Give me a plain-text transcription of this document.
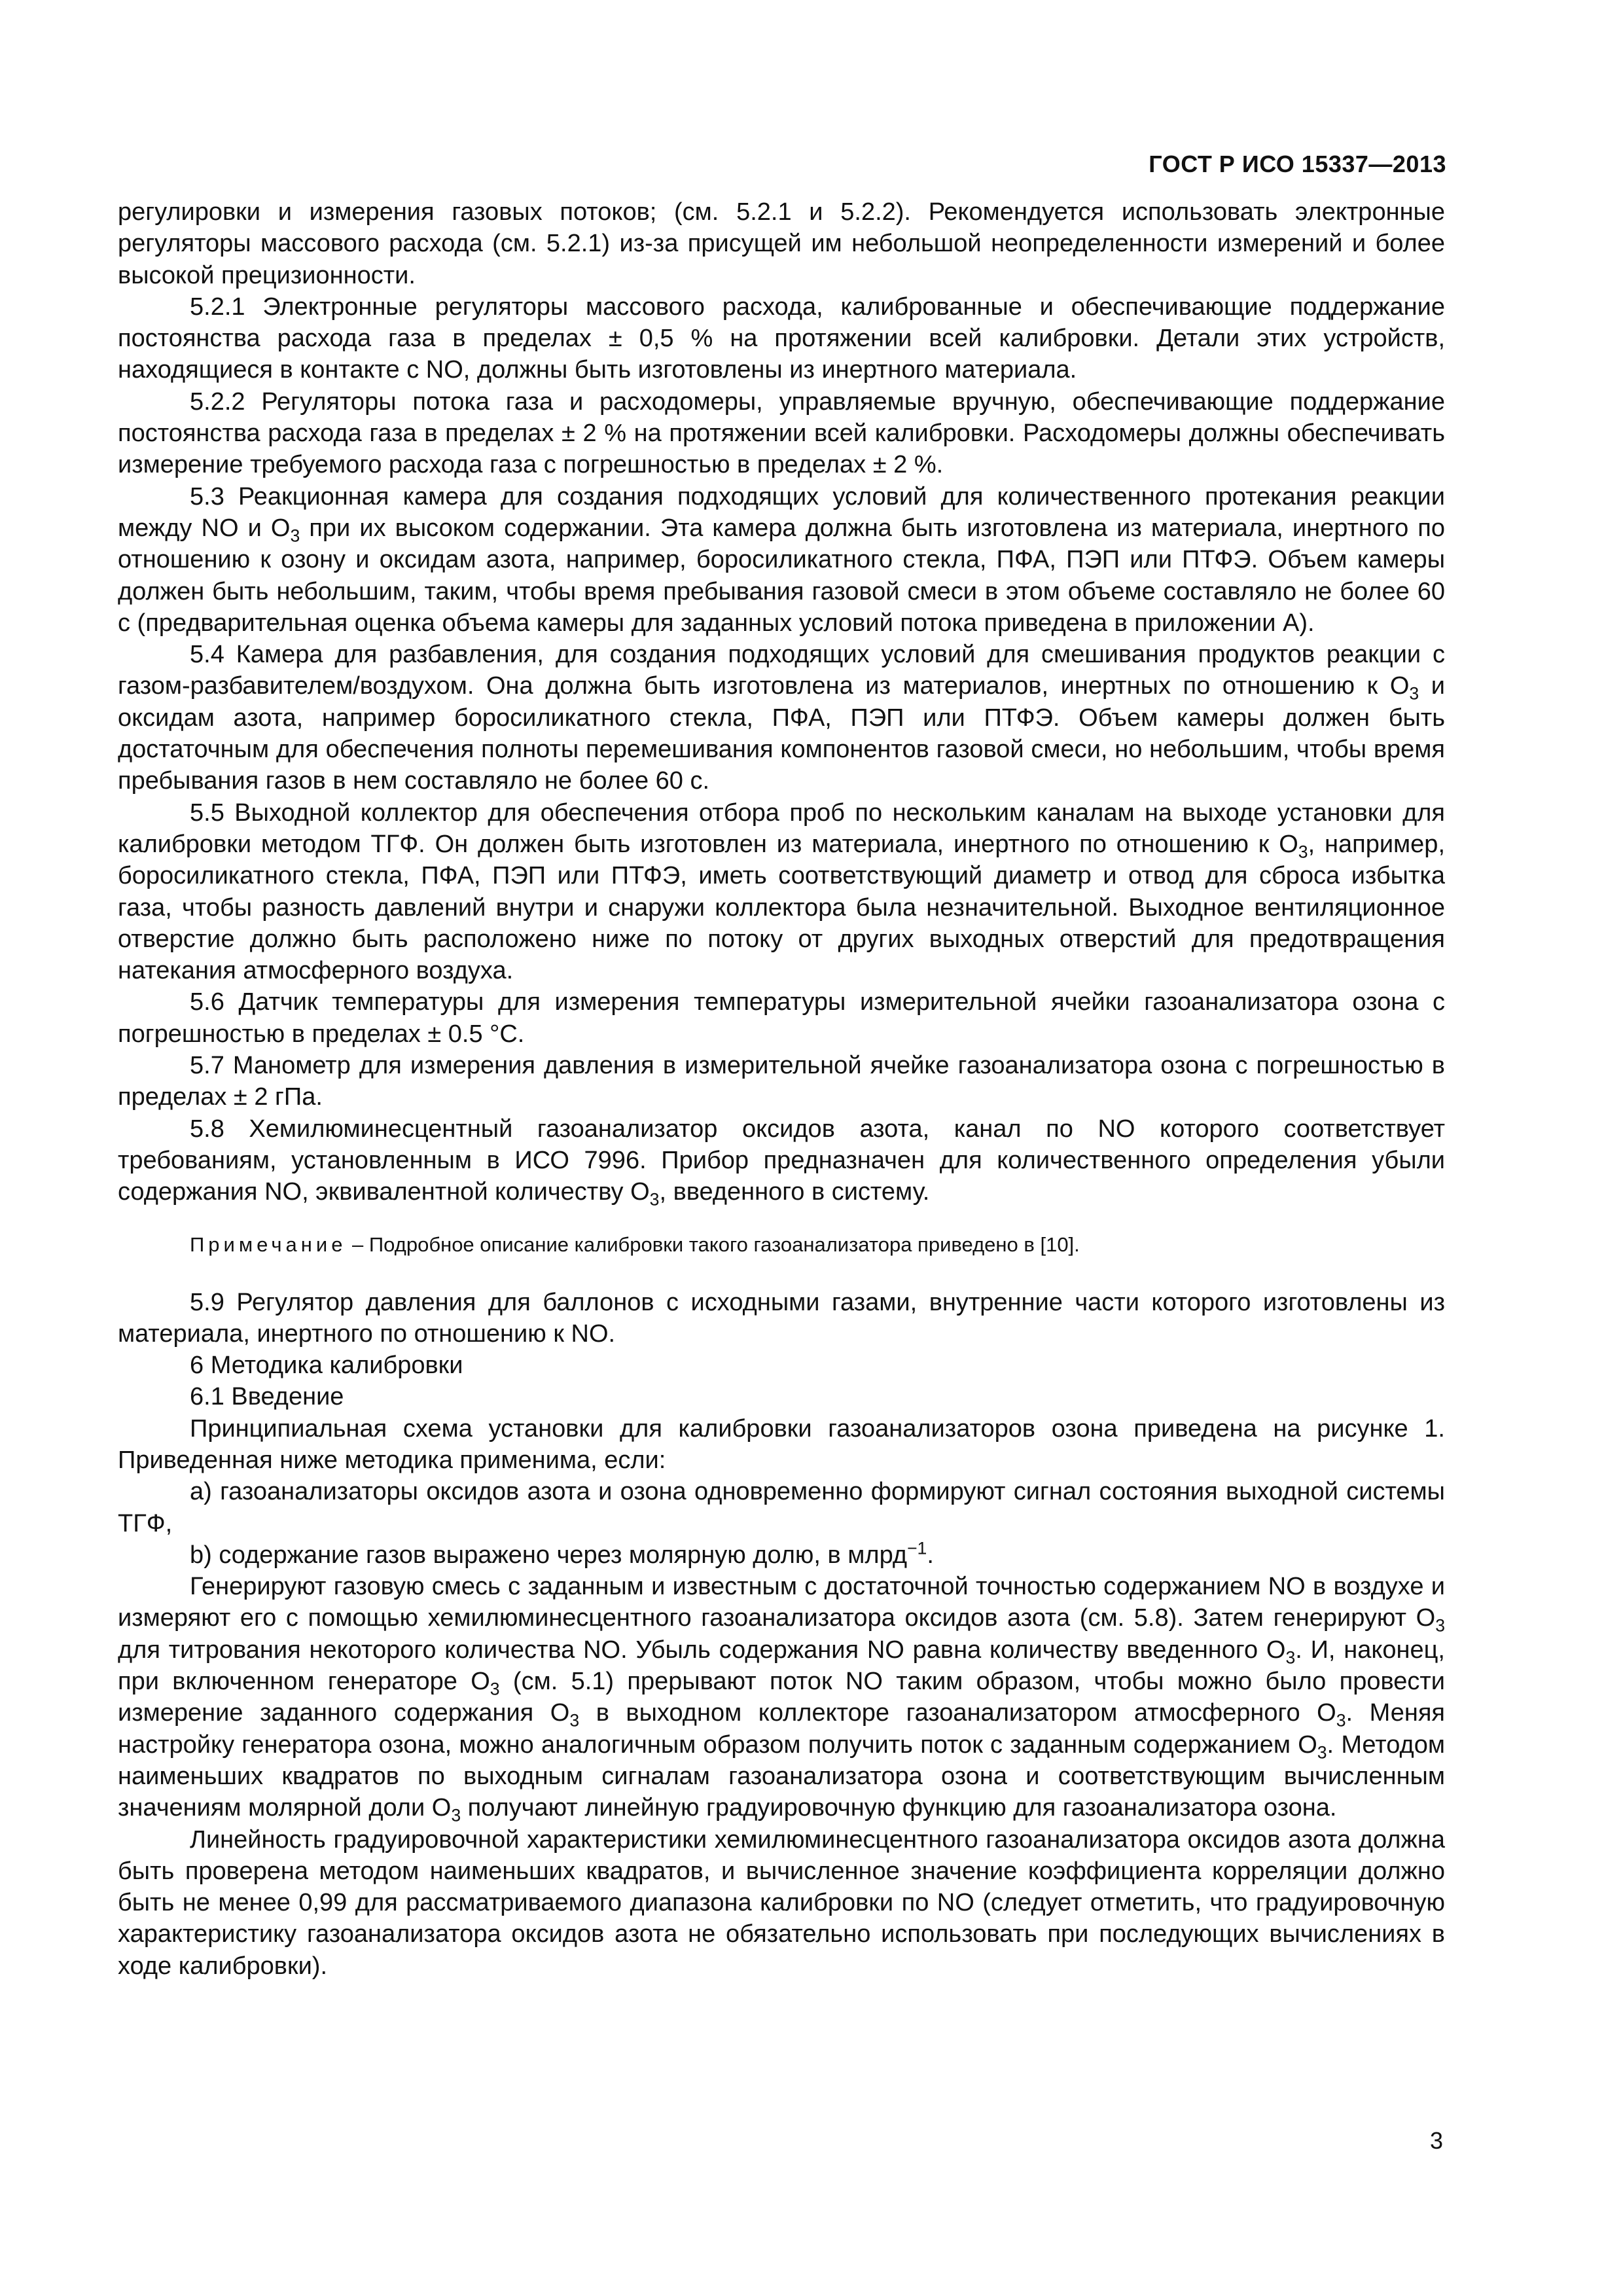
ГОСТ Р ИСО 15337—2013

регулировки и измерения газовых потоков; (см. 5.2.1 и 5.2.2). Рекомендуется использовать электронные регуляторы массового расхода (см. 5.2.1) из-за присущей им небольшой неопределенности измерений и более высокой прецизионности.

5.2.1 Электронные регуляторы массового расхода, калиброванные и обеспечивающие поддержание постоянства расхода газа в пределах ± 0,5 % на протяжении всей калибровки. Детали этих устройств, находящиеся в контакте с NO, должны быть изготовлены из инертного материала.

5.2.2 Регуляторы потока газа и расходомеры, управляемые вручную, обеспечивающие поддержание постоянства расхода газа в пределах ± 2 % на протяжении всей калибровки. Расходомеры должны обеспечивать измерение требуемого расхода газа с погрешностью в пределах ± 2 %.

5.3 Реакционная камера для создания подходящих условий для количественного протекания реакции между NO и $O_3$ при их высоком содержании. Эта камера должна быть изготовлена из материала, инертного по отношению к озону и оксидам азота, например, боросиликатного стекла, ПФА, ПЭП или ПТФЭ. Объем камеры должен быть небольшим, таким, чтобы время пребывания газовой смеси в этом объеме составляло не более 60 с (предварительная оценка объема камеры для заданных условий потока приведена в приложении А).

5.4 Камера для разбавления, для создания подходящих условий для смешивания продуктов реакции с газом-разбавителем/воздухом. Она должна быть изготовлена из материалов, инертных по отношению к $O_3$ и оксидам азота, например боросиликатного стекла, ПФА, ПЭП или ПТФЭ. Объем камеры должен быть достаточным для обеспечения полноты перемешивания компонентов газовой смеси, но небольшим, чтобы время пребывания газов в нем составляло не более 60 с.

5.5 Выходной коллектор для обеспечения отбора проб по нескольким каналам на выходе установки для калибровки методом ТГФ. Он должен быть изготовлен из материала, инертного по отношению к $O_3$, например, боросиликатного стекла, ПФА, ПЭП или ПТФЭ, иметь соответствующий диаметр и отвод для сброса избытка газа, чтобы разность давлений внутри и снаружи коллектора была незначительной. Выходное вентиляционное отверстие должно быть расположено ниже по потоку от других выходных отверстий для предотвращения натекания атмосферного воздуха.

5.6 Датчик температуры для измерения температуры измерительной ячейки газоанализатора озона с погрешностью в пределах ± 0.5 °C.

5.7 Манометр для измерения давления в измерительной ячейке газоанализатора озона с погрешностью в пределах ± 2 гПа.

5.8 Хемилюминесцентный газоанализатор оксидов азота, канал по NO которого соответствует требованиям, установленным в ИСО 7996. Прибор предназначен для количественного определения убыли содержания NO, эквивалентной количеству $O_3$, введенного в систему.

Примечание – Подробное описание калибровки такого газоанализатора приведено в [10].

5.9 Регулятор давления для баллонов с исходными газами, внутренние части которого изготовлены из материала, инертного по отношению к NO.

6 Методика калибровки

6.1 Введение

Принципиальная схема установки для калибровки газоанализаторов озона приведена на рисунке 1. Приведенная ниже методика применима, если:

а) газоанализаторы оксидов азота и озона одновременно формируют сигнал состояния выходной системы ТГФ,

b) содержание газов выражено через молярную долю, в млрд$^{-1}$.

Генерируют газовую смесь с заданным и известным с достаточной точностью содержанием NO в воздухе и измеряют его с помощью хемилюминесцентного газоанализатора оксидов азота (см. 5.8). Затем генерируют $O_3$ для титрования некоторого количества NO. Убыль содержания NO равна количеству введенного $O_3$. И, наконец, при включенном генераторе $O_3$ (см. 5.1) прерывают поток NO таким образом, чтобы можно было провести измерение заданного содержания $O_3$ в выходном коллекторе газоанализатором атмосферного $O_3$. Меняя настройку генератора озона, можно аналогичным образом получить поток с заданным содержанием $O_3$. Методом наименьших квадратов по выходным сигналам газоанализатора озона и соответствующим вычисленным значениям молярной доли $O_3$ получают линейную градуировочную функцию для газоанализатора озона.

Линейность градуировочной характеристики хемилюминесцентного газоанализатора оксидов азота должна быть проверена методом наименьших квадратов, и вычисленное значение коэффициента корреляции должно быть не менее 0,99 для рассматриваемого диапазона калибровки по NO (следует отметить, что градуировочную характеристику газоанализатора оксидов азота не обязательно использовать при последующих вычислениях в ходе калибровки).

3
